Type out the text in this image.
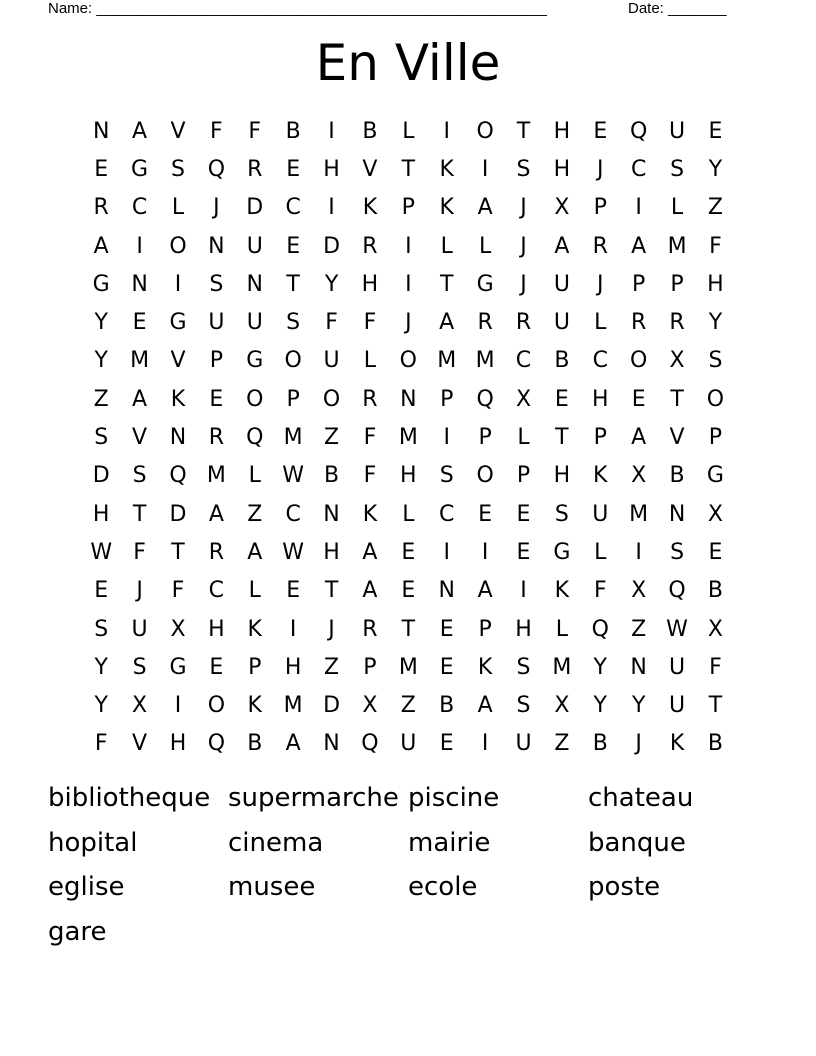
Name: ______________________________________________________	Date: _______
En Ville
N	A	V	F	F	B	I	B	L	I	O	T	H	E	Q U	E
E	G	S	Q	R	E	H	V	T	K	I	S	H	J	C	S	Y
R	C	L	J	D	C	I	K	P	K	A	J	X	P	I	L	Z
A	I	O N	U	E	D	R	I	L	L	J	A	R	A M	F
G N	I	S	N	T	Y	H	I	T	G	J	U	J	P	P	H
Y	E	G U	U	S	F	F	J	A	R	R	U	L	R	R	Y
Y	M V	P	G O U	L	O M M C	B	C	O	X	S
Z	A	K	E	O	P	O	R	N	P	Q	X	E	H	E	T	O
S	V	N	R	Q M Z	F	M	I	P	L	T	P	A	V	P
D	S	Q M	L W B	F	H	S	O	P	H	K	X	B	G
H	T	D	A	Z	C	N	K	L	C	E	E	S	U M N	X
W F	T	R	A W H	A	E	I	I	E	G	L	I	S	E
E	J	F	C	L	E	T	A	E	N	A	I	K	F	X	Q	B
S	U	X	H	K	I	J	R	T	E	P	H	L	Q	Z W X
Y	S	G	E	P	H	Z	P	M E	K	S M	Y	N	U	F
Y	X	I	O	K M D	X	Z	B	A	S	X	Y	Y	U	T
F	V	H Q	B	A	N Q U	E	I	U	Z	B	J	K	B
bibliotheque supermarche piscine	chateau
hopital	cinema	mairie	banque
eglise	musee	ecole	poste
gare
